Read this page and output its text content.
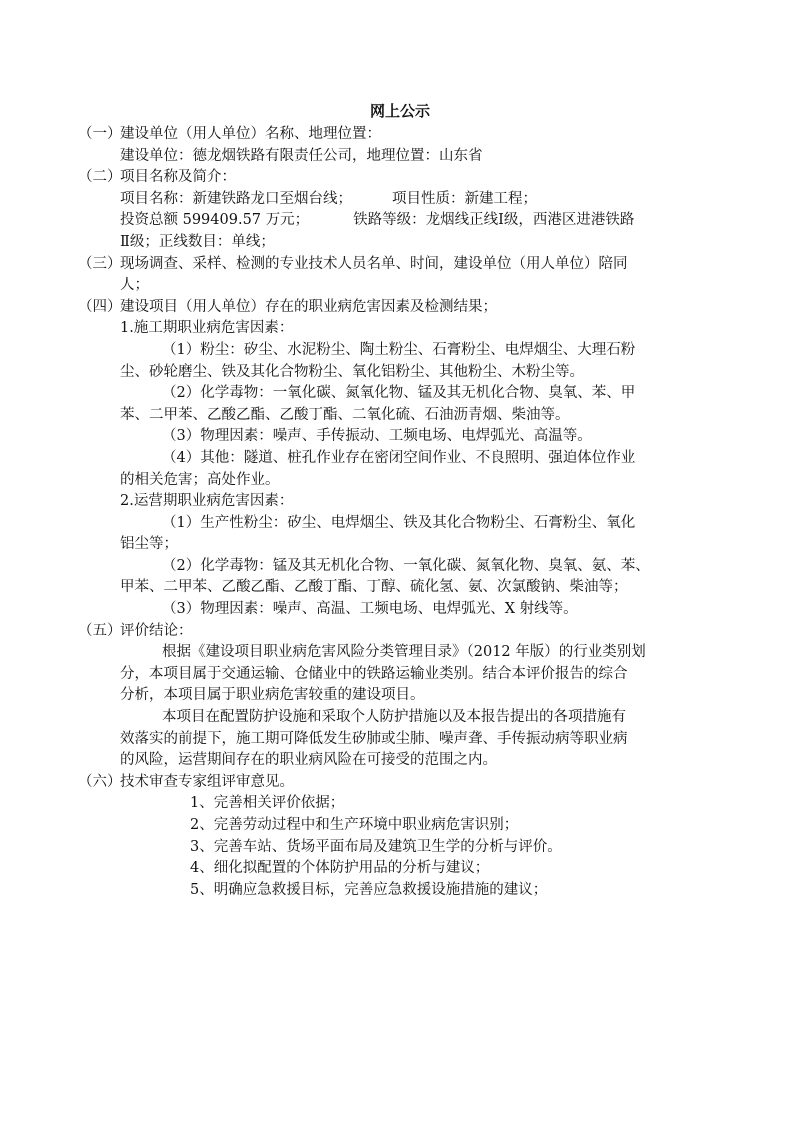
网上公示
（一）建设单位（用人单位）名称、地理位置：
建设单位：德龙烟铁路有限责任公司，地理位置：山东省
（二）项目名称及简介：
项目名称：新建铁路龙口至烟台线；	项目性质：新建工程；
投资总额 599409.57 万元；	铁路等级：龙烟线正线Ⅰ级，西港区进港铁路
Ⅱ级；正线数目：单线；
（三）现场调查、采样、检测的专业技术人员名单、时间，建设单位（用人单位）陪同
人；
（四）建设项目（用人单位）存在的职业病危害因素及检测结果；
1.施工期职业病危害因素：
（1）粉尘：矽尘、水泥粉尘、陶土粉尘、石膏粉尘、电焊烟尘、大理石粉
尘、砂轮磨尘、铁及其化合物粉尘、氧化铝粉尘、其他粉尘、木粉尘等。
（2）化学毒物：一氧化碳、氮氧化物、锰及其无机化合物、臭氧、苯、甲
苯、二甲苯、乙酸乙酯、乙酸丁酯、二氧化硫、石油沥青烟、柴油等。
（3）物理因素：噪声、手传振动、工频电场、电焊弧光、高温等。
（4）其他：隧道、桩孔作业存在密闭空间作业、不良照明、强迫体位作业
的相关危害；高处作业。
2.运营期职业病危害因素：
（1）生产性粉尘：矽尘、电焊烟尘、铁及其化合物粉尘、石膏粉尘、氧化
铝尘等；
（2）化学毒物：锰及其无机化合物、一氧化碳、氮氧化物、臭氧、氨、苯、
甲苯、二甲苯、乙酸乙酯、乙酸丁酯、丁醇、硫化氢、氨、次氯酸钠、柴油等；
（3）物理因素：噪声、高温、工频电场、电焊弧光、X 射线等。
（五）评价结论：
根据《建设项目职业病危害风险分类管理目录》（2012 年版）的行业类别划
分，本项目属于交通运输、仓储业中的铁路运输业类别。结合本评价报告的综合
分析，本项目属于职业病危害较重的建设项目。
本项目在配置防护设施和采取个人防护措施以及本报告提出的各项措施有
效落实的前提下，施工期可降低发生矽肺或尘肺、噪声聋、手传振动病等职业病
的风险，运营期间存在的职业病风险在可接受的范围之内。
（六）技术审查专家组评审意见。
1、完善相关评价依据；
2、完善劳动过程中和生产环境中职业病危害识别；
3、完善车站、货场平面布局及建筑卫生学的分析与评价。
4、细化拟配置的个体防护用品的分析与建议；
5、明确应急救援目标，完善应急救援设施措施的建议；
